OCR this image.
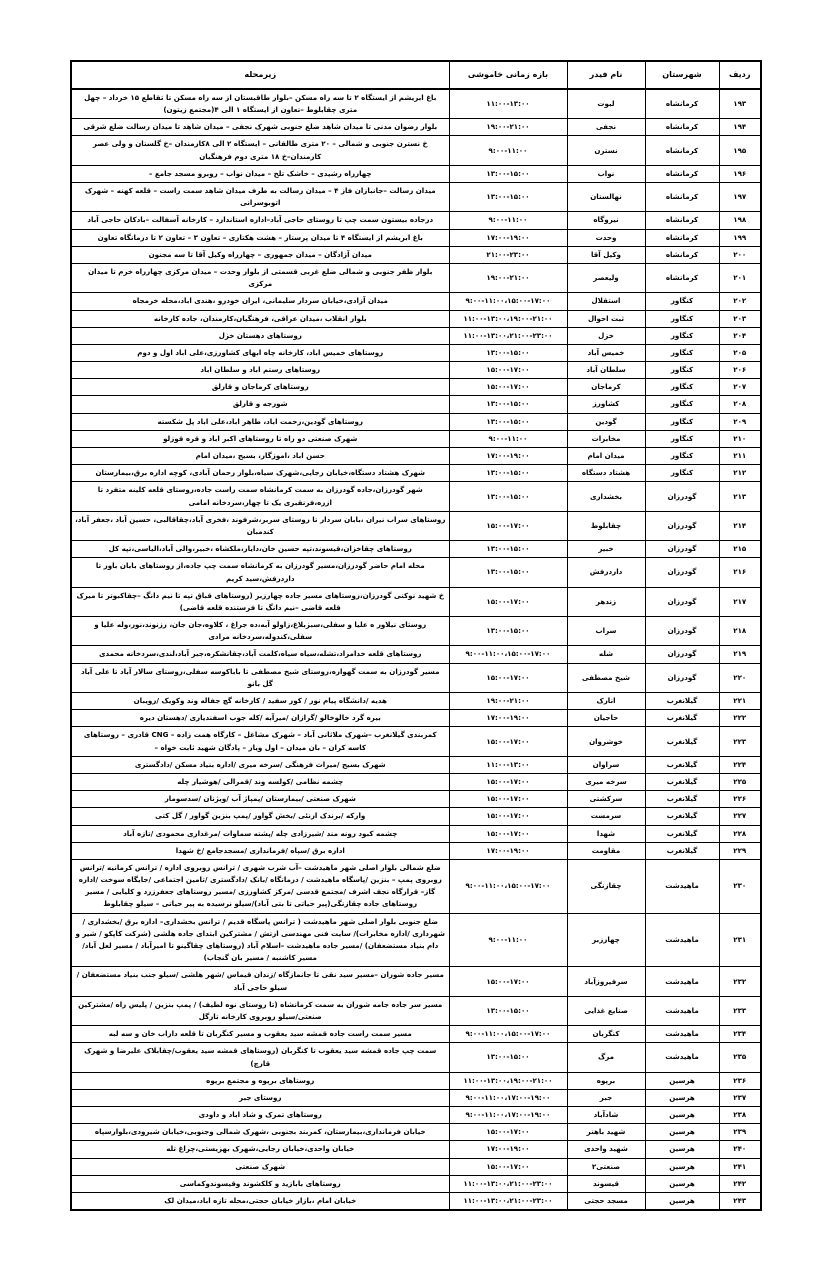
ردیف	شهرستان	نام فیدر	بازه زمانی خاموشی	زیرمحله
۱۹۳	کرمانشاه	لبوت	۱۱:۰۰-۱۳:۰۰	باغ ابریشم از ایستگاه ۲ تا سه راه مسکن –بلوار طاقبستان از سه راه مسکن تا تقاطع ۱۵ خرداد – چهل متری چقابلوط –تعاون از ایستگاه ۱ الی ۴(مجتمع زیتون)
۱۹۴	کرمانشاه	نجفی	۱۹:۰۰-۲۱:۰۰	بلوار رضوان مدنی تا میدان شاهد ضلع جنوبی شهرک نجفی – میدان شاهد تا میدان رسالت ضلع شرقی
۱۹۵	کرمانشاه	نسترن	۹:۰۰-۱۱:۰۰	خ نسترن جنوبی و شمالی – ۲۰ متری طالقانی – ایستگاه ۲ الی ۸کارمندان –خ گلستان و ولی عصر کارمندان–خ ۱۸ متری دوم فرهنگیان
۱۹۶	کرمانشاه	نواب	۱۳:۰۰-۱۵:۰۰	چهارراه رشیدی – خاشک تلخ – میدان نواب – روبرو مسجد جامع –
۱۹۷	کرمانشاه	نهالستان	۱۳:۰۰-۱۵:۰۰	میدان رسالت –جانبازان فاز ۴ – میدان رسالت به طرف میدان شاهد سمت راست – قلعه کهنه – شهرک اتوبوسرانی
۱۹۸	کرمانشاه	نیروگاه	۹:۰۰-۱۱:۰۰	درجاده بیستون سمت چپ تا روستای حاجی آباد–اداره استاندارد – کارخانه آسفالت –بادکان حاجی آباد
۱۹۹	کرمانشاه	وحدت	۱۷:۰۰-۱۹:۰۰	باغ ابریشم از ایستگاه ۴ تا میدان پرستار – هشت هکتاری – تعاون ۳ – تعاون ۲ تا درمانگاه تعاون
۲۰۰	کرمانشاه	وکیل آقا	۲۱:۰۰-۲۳:۰۰	میدان آزادگان – میدان جمهوری – چهارراه وکیل آقا تا سه مجنون
۲۰۱	کرمانشاه	ولیعصر	۱۹:۰۰-۲۱:۰۰	بلوار ظفر جنوبی و شمالی ضلع غربی قسمتی از بلوار وحدت – میدان مرکزی چهارراه خرم تا میدان مرکزی
۲۰۲	کنگاور	استقلال	۹:۰۰-۱۱:۰۰،۱۵:۰۰-۱۷:۰۰	میدان آزادی،خیابان سردار سلیمانی، ایران خودرو ،هندی اباد،محله خرمجاه
۲۰۳	کنگاور	ثبت احوال	۱۱:۰۰-۱۳:۰۰،۱۹:۰۰-۲۱:۰۰	بلوار انقلاب ،میدان عراقی، فرهنگیان،کارمندان، جاده کارخانه
۲۰۴	کنگاور	خزل	۱۱:۰۰-۱۳:۰۰،۲۱:۰۰-۲۳:۰۰	روستاهای دهستان خزل
۲۰۵	کنگاور	خمیس آباد	۱۳:۰۰-۱۵:۰۰	روستاهای خمیس اباد، کارخانه چاه ابهای کشاورزی،علی اباد اول و دوم
۲۰۶	کنگاور	سلطان آباد	۱۵:۰۰-۱۷:۰۰	روستاهای رستم اباد و سلطان اباد
۲۰۷	کنگاور	کرماجان	۱۵:۰۰-۱۷:۰۰	روستاهای کرماجان و قارلق
۲۰۸	کنگاور	کشاورز	۱۳:۰۰-۱۵:۰۰	شورجه و قارلق
۲۰۹	کنگاور	گودین	۱۳:۰۰-۱۵:۰۰	روستاهای گودین،رحمت اباد، طاهر اباد،علی اباد پل شکسته
۲۱۰	کنگاور	مخابرات	۹:۰۰-۱۱:۰۰	شهرک صنعتی دو راه تا روستاهای اکبر اباد و قره قوزلو
۲۱۱	کنگاور	میدان امام	۱۷:۰۰-۱۹:۰۰	حسن اباد ،اموزگار، بسیج ،میدان امام
۲۱۲	کنگاور	هشتاد دستگاه	۱۳:۰۰-۱۵:۰۰	شهرک هشتاد دستگاه،خیابان رجایی،شهرک سیاه،بلوار رحمان آبادی، کوچه اداره برق،بیمارستان
۲۱۳	گودرزان	بخشداری	۱۳:۰۰-۱۵:۰۰	شهر گودرزان،جاده گودرزان به سمت کرمانشاه سمت راست جاده،روستای قلعه کلینه متفرد تا ازره،فرنقبری یک تا چهار،سردخانه امامی
۲۱۴	گودرزان	چقابلوط	۱۵:۰۰-۱۷:۰۰	روستاهای سراب نیران ،بابان سردار تا روستای سربر،شرفوند ،فخری آباد،چقاقالبی، حسین آباد ،جعفر آباد، کندمبان
۲۱۵	گودرزان	خبیر	۱۳:۰۰-۱۵:۰۰	روستاهای چقاخزان،قیسوند،تپه حسین خان،دایار،ملکشاه ،خبیر،والی آباد،الیاسی،تپه کل
۲۱۶	گودرزان	داردرفش	۱۳:۰۰-۱۵:۰۰	محله امام حاضر گودرزان،مسیر گودرزان به کرمانشاه سمت چپ جاده،از روستاهای بابان باور تا داردرفش،سید کریم
۲۱۷	گودرزان	زندهر	۱۵:۰۰-۱۷:۰۰	خ شهید نوکنی گودرزان،روستاهای مسیر جاده چهارزبر (روستاهای قباق تپه تا نیم دانگ –چقاکبوتر تا میرک قلعه قاضی –نیم دانگ تا فرستنده قلعه قاضی)
۲۱۸	گودرزان	سراب	۱۳:۰۰-۱۵:۰۰	روستای نیلاور ه علیا و سفلی،سبزبلاغ،زاولو آبه،ده جراغ ، کلاوه،جان جان، رزنوند،نور،وله علیا و سفلی،کندوله،سردخانه مرادی
۲۱۹	گودرزان	شله	۹:۰۰-۱۱:۰۰،۱۵:۰۰-۱۷:۰۰	روستاهای قلعه خدامراد،تشله،سیاه سیاه،کلمت آباد،چقانشکره،جبر آباد،لندی،سردخانه محمدی
۲۲۰	گودرزان	شیخ مصطفی	۱۵:۰۰-۱۷:۰۰	مسیر گودرزان به سمت گهواره،روستای شیخ مصطفی تا باباکوسه سفلی،روستای سالار آباد تا علی آباد گل بانو
۲۲۱	گیلانغرب	انارک	۱۹:۰۰-۲۱:۰۰	هدیه /دانشگاه پیام نور / کور سفید / کارخانه گچ جفاله وند وکویک /رویبان
۲۲۲	گیلانغرب	حاجیان	۱۷:۰۰-۱۹:۰۰	بیره گرد خالوخالو /گرازان /میرآبه /کله جوب اسفندیاری /دهستان دیره
۲۲۳	گیلانغرب	خوشروان	۱۵:۰۰-۱۷:۰۰	کمربندی گیلانغرب –شهرک ملاثانی آباد – شهرک مشاغل – کارگاه همت زاده – CNG قادری – روستاهای کاسه کران – بان میدان – اول ویار – پادگان شهید ثابت خواه –
۲۲۴	گیلانغرب	سراوان	۱۱:۰۰-۱۳:۰۰	شهرک بسیج /میراث فرهنگی /سرخه میری /اداره بنیاد مسکن /دادگستری
۲۲۵	گیلانغرب	سرخه میری	۱۵:۰۰-۱۷:۰۰	چشمه نظامی /کولسه وند /قمرالی /هوشیار چله
۲۲۶	گیلانغرب	سرکشتی	۱۵:۰۰-۱۷:۰۰	شهرک صنعتی /بیمارستان /پمپاژ آب /ویژنان /سدسومار
۲۲۷	گیلانغرب	سرمست	۱۵:۰۰-۱۷:۰۰	وارکه /برندک ارنئی /بخش گواور /پمپ بنزین گواور / گل کتی
۲۲۸	گیلانغرب	شهدا	۱۵:۰۰-۱۷:۰۰	چشمه کبود رونه مند /شیرزادی چله /پشته سماوات /مرغداری محمودی /تازه آباد
۲۲۹	گیلانغرب	مقاومت	۱۷:۰۰-۱۹:۰۰	اداره برق /سپاه /فرمانداری /مسجدجامع /خ شهدا
۲۳۰	ماهیدشت	چقازنگی	۹:۰۰-۱۱:۰۰،۱۵:۰۰-۱۷:۰۰	ضلع شمالی بلوار اصلی شهر ماهیدشت –آب شرب شهری / ترانس روبروی اداره / ترانس کرمانیه /ترانس روبروی پمپ – بنزین /پاسگاه ماهیدشت / درمانگاه /بانک /دادگستری /تامین اجتماعی /جایگاه سوخت /اداره گاز– قرارگاه نجف اشرف /مجتمع قدسی /مرکز کشاورزی /مسیر روستاهای جعفرزرد و کلیایی / مسیر روستاهای جاده چقازنگی(پیر حیاتی تا بتی آباد)/سیلو نرسیده به پیر حیاتی – سیلو چقابلوط
۲۳۱	ماهیدشت	چهارزبر	۹:۰۰-۱۱:۰۰	ضلع جنوبی بلوار اصلی شهر ماهیدشت ( ترانس پاسگاه قدیم / ترانس بخشداری– اداره برق /بخشداری /شهرداری /اداره مخابرات)/ سایت فنی مهندسی ارتش / مشترکین ابتدای جاده هلشی (شرکت کاپکو / شیر و دام بنیاد مستضعفان) /مسیر جاده ماهیدشت –اسلام آباد (روستاهای چقاگینو تا امیرآباد / مسیر لعل آباد/مسیر کاشنبه / مسیر بان گنجاب)
۲۳۲	ماهیدشت	سرفیروزآباد	۱۵:۰۰-۱۷:۰۰	مسیر جاده شوران –مسیر سید نقی تا جانمازگاه /زندان قیماس /شهر هلشی /سیلو جنب بنیاد مستضعفان / سیلو حاجی آباد
۲۳۳	ماهیدشت	صنایع غذایی	۱۳:۰۰-۱۵:۰۰	مسیر سر جاده جامه شوران به سمت کرمانشاه (تا روستای نوه لطیف) / پمپ بنزین / پلیس راه /مشترکین صنعتی/سیلو روبروی کارخانه تارگل
۲۳۴	ماهیدشت	کنگربان	۹:۰۰-۱۱:۰۰،۱۵:۰۰-۱۷:۰۰	مسیر سمت راست جاده قمشه سید یعقوب و مسیر کنگربان تا قلعه داراب خان و سه لبه
۲۳۵	ماهیدشت	مرگ	۱۳:۰۰-۱۵:۰۰	سمت چپ جاده قمشه سید یعقوب تا کنگربان (روستاهای قمشه سید یعقوب/چقابلاک علیرضا و شهرک قارچ)
۲۳۶	هرسین	برپوه	۱۱:۰۰-۱۳:۰۰،۱۹:۰۰-۲۱:۰۰	روستاهای برپوه و مجتمع برپوه
۲۳۷	هرسین	جبر	۹:۰۰-۱۱:۰۰،۱۷:۰۰-۱۹:۰۰	روستای جبر
۲۳۸	هرسین	شادآباد	۹:۰۰-۱۱:۰۰،۱۷:۰۰-۱۹:۰۰	روستاهای تمرک و شاد اباد و داودی
۲۳۹	هرسین	شهید باهنر	۱۵:۰۰-۱۷:۰۰	خیابان فرمانداری،بیمارستان، کمربند بجنوبی ،شهرک شمالی وجنوبی،خیابان شیرودی،بلوارسپاه
۲۴۰	هرسین	شهید واحدی	۱۷:۰۰-۱۹:۰۰	خیابان واحدی،خیابان رجایی،شهرک بهزیستی،چراغ تله
۲۴۱	هرسین	صنعتی۲	۱۵:۰۰-۱۷:۰۰	شهرک صنعتی
۲۴۲	هرسین	قیسوند	۱۱:۰۰-۱۳:۰۰،۲۱:۰۰-۲۳:۰۰	روستاهای بابازید و کلکشوند وقیسوندوکماسی
۲۴۳	هرسین	مسجد حجتی	۱۱:۰۰-۱۳:۰۰،۲۱:۰۰-۲۳:۰۰	خیابان امام ،بازار خیابان حجتی،محله تازه اباد،میدان لک
